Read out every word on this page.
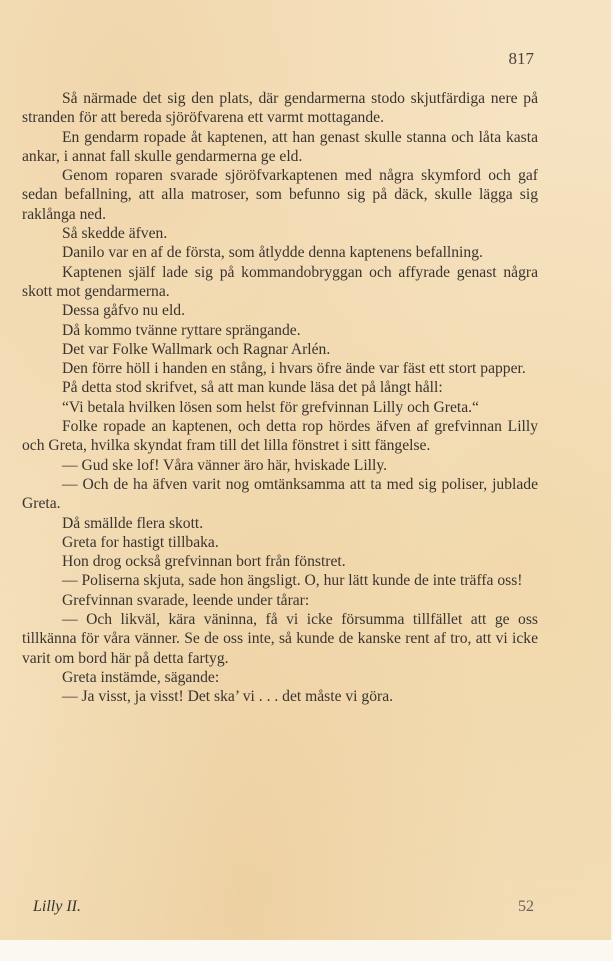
817

Så närmade det sig den plats, där gendarmerna stodo skjutfärdiga nere på stranden för att bereda sjöröfvarena ett varmt mottagande.

En gendarm ropade åt kaptenen, att han genast skulle stanna och låta kasta ankar, i annat fall skulle gendarmerna ge eld.

Genom roparen svarade sjöröfvarkaptenen med några skymford och gaf sedan befallning, att alla matroser, som befunno sig på däck, skulle lägga sig raklånga ned.

Så skedde äfven.

Danilo var en af de första, som åtlydde denna kaptenens befallning.

Kaptenen själf lade sig på kommandobryggan och affyrade genast några skott mot gendarmerna.

Dessa gåfvo nu eld.

Då kommo tvänne ryttare sprängande.

Det var Folke Wallmark och Ragnar Arlén.

Den förre höll i handen en stång, i hvars öfre ände var fäst ett stort papper.

På detta stod skrifvet, så att man kunde läsa det på långt håll:

“Vi betala hvilken lösen som helst för grefvinnan Lilly och Greta.“

Folke ropade an kaptenen, och detta rop hördes äfven af grefvinnan Lilly och Greta, hvilka skyndat fram till det lilla fönstret i sitt fängelse.

— Gud ske lof! Våra vänner äro här, hviskade Lilly.

— Och de ha äfven varit nog omtänksamma att ta med sig poliser, jublade Greta.

Då smällde flera skott.

Greta for hastigt tillbaka.

Hon drog också grefvinnan bort från fönstret.

— Poliserna skjuta, sade hon ängsligt. O, hur lätt kunde de inte träffa oss!

Grefvinnan svarade, leende under tårar:

— Och likväl, kära väninna, få vi icke försumma tillfället att ge oss tillkänna för våra vänner. Se de oss inte, så kunde de kanske rent af tro, att vi icke varit om bord här på detta fartyg.

Greta instämde, sägande:

— Ja visst, ja visst! Det ska’ vi . . . det måste vi göra.

Lilly II.	52
